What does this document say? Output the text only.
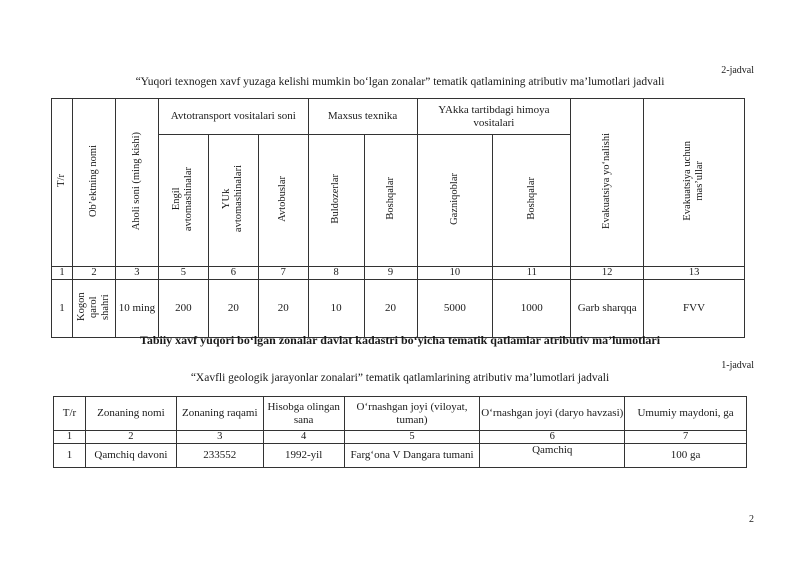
2-jadval
“Yuqori texnogen xavf yuzaga kelishi mumkin bo‘lgan zonalar” tematik qatlamining atributiv ma’lumotlari jadvali
T/r	Ob’ektning nomi	Aholi soni (ming kishi)	Avtotransport vositalari soni			Maxsus texnika		YAkka tartibdagi himoya vositalari		Evakuatsiya yo‘nalishi	Evakuatsiya uchun
mas’ullar
			Engil
avtomashinalar	YUk
avtomashinalari	Avtobuslar	Buldozerlar	Boshqalar	Gazniqoblar	Boshqalar		
1	2	3	5	6	7	8	9	10	11	12	13
1	Kogon
qarol
shahri	10 ming	200	20	20	10	20	5000	1000	Garb sharqqa	FVV
Tabiiy xavf yuqori bo‘lgan zonalar davlat kadastri bo‘yicha tematik qatlamlar atributiv ma’lumotlari
1-jadval
“Xavfli geologik jarayonlar zonalari” tematik qatlamlarining atributiv ma’lumotlari jadvali
T/r	Zonaning nomi	Zonaning raqami	Hisobga olingan sana	O‘rnashgan joyi (viloyat, tuman)	O‘rnashgan joyi (daryo havzasi)	Umumiy maydoni, ga
1	2	3	4	5	6	7
1	Qamchiq davoni	233552	1992-yil	Farg‘ona V Dangara tumani	Qamchiq	100 ga
2
